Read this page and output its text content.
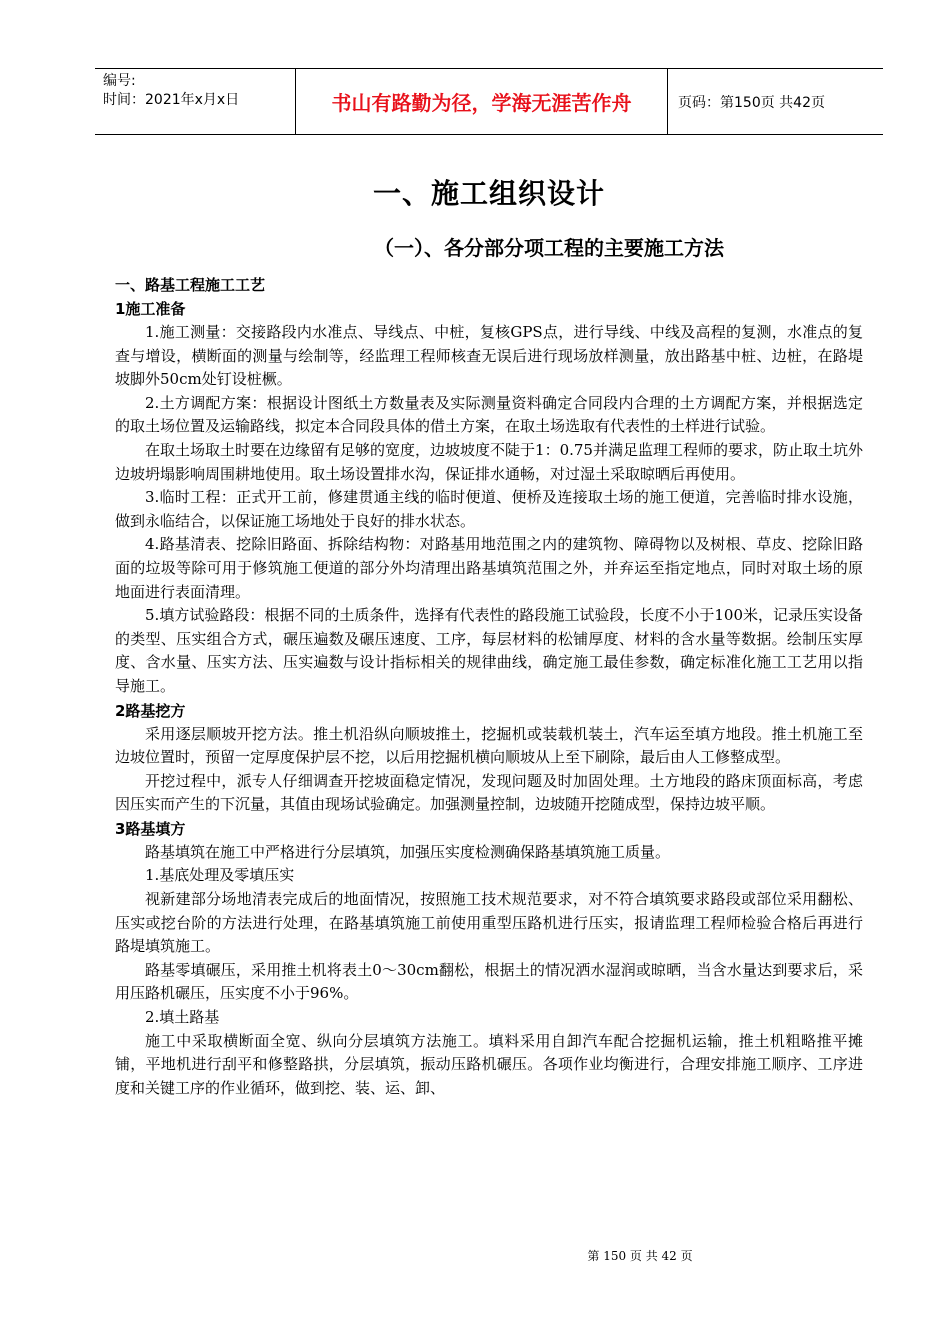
编号:
时间：2021年x月x日	书山有路勤为径，学海无涯苦作舟	页码：第150页 共42页
一、施工组织设计
（一）、各分部分项工程的主要施工方法

一、路基工程施工工艺

1施工准备

1.施工测量：交接路段内水准点、导线点、中桩，复核GPS点，进行导线、中线及高程的复测，水准点的复查与增设，横断面的测量与绘制等，经监理工程师核查无误后进行现场放样测量，放出路基中桩、边桩，在路堤坡脚外50cm处钉设桩橛。

2.土方调配方案：根据设计图纸土方数量表及实际测量资料确定合同段内合理的土方调配方案，并根据选定的取土场位置及运输路线，拟定本合同段具体的借土方案，在取土场选取有代表性的土样进行试验。

在取土场取土时要在边缘留有足够的宽度，边坡坡度不陡于1：0.75并满足监理工程师的要求，防止取土坑外边坡坍塌影响周围耕地使用。取土场设置排水沟，保证排水通畅，对过湿土采取晾晒后再使用。

3.临时工程：正式开工前，修建贯通主线的临时便道、便桥及连接取土场的施工便道，完善临时排水设施，做到永临结合，以保证施工场地处于良好的排水状态。

4.路基清表、挖除旧路面、拆除结构物：对路基用地范围之内的建筑物、障碍物以及树根、草皮、挖除旧路面的垃圾等除可用于修筑施工便道的部分外均清理出路基填筑范围之外，并弃运至指定地点，同时对取土场的原地面进行表面清理。

5.填方试验路段：根据不同的土质条件，选择有代表性的路段施工试验段，长度不小于100米，记录压实设备的类型、压实组合方式，碾压遍数及碾压速度、工序，每层材料的松铺厚度、材料的含水量等数据。绘制压实厚度、含水量、压实方法、压实遍数与设计指标相关的规律曲线，确定施工最佳参数，确定标准化施工工艺用以指导施工。

2路基挖方

采用逐层顺坡开挖方法。推土机沿纵向顺坡推土，挖掘机或装载机装土，汽车运至填方地段。推土机施工至边坡位置时，预留一定厚度保护层不挖，以后用挖掘机横向顺坡从上至下刷除，最后由人工修整成型。

开挖过程中，派专人仔细调查开挖坡面稳定情况，发现问题及时加固处理。土方地段的路床顶面标高，考虑因压实而产生的下沉量，其值由现场试验确定。加强测量控制，边坡随开挖随成型，保持边坡平顺。

3路基填方

路基填筑在施工中严格进行分层填筑，加强压实度检测确保路基填筑施工质量。

1.基底处理及零填压实

视新建部分场地清表完成后的地面情况，按照施工技术规范要求，对不符合填筑要求路段或部位采用翻松、压实或挖台阶的方法进行处理，在路基填筑施工前使用重型压路机进行压实，报请监理工程师检验合格后再进行路堤填筑施工。

路基零填碾压，采用推土机将表土0～30cm翻松，根据土的情况洒水湿润或晾晒，当含水量达到要求后，采用压路机碾压，压实度不小于96%。

2.填土路基

施工中采取横断面全宽、纵向分层填筑方法施工。填料采用自卸汽车配合挖掘机运输，推土机粗略推平摊铺，平地机进行刮平和修整路拱，分层填筑，振动压路机碾压。各项作业均衡进行，合理安排施工顺序、工序进度和关键工序的作业循环，做到挖、装、运、卸、

第 150 页 共 42 页
